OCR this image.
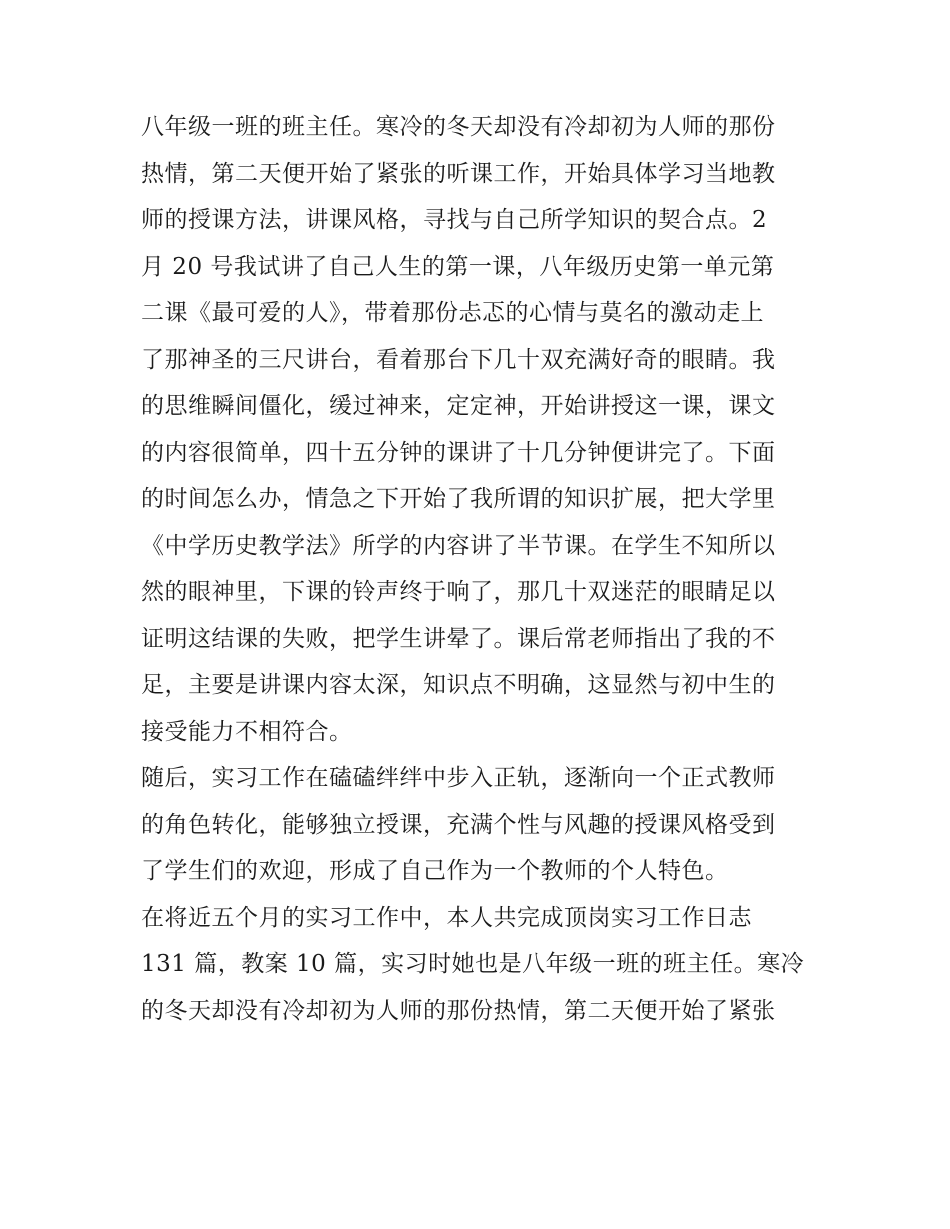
八年级一班的班主任。寒冷的冬天却没有冷却初为人师的那份
热情，第二天便开始了紧张的听课工作，开始具体学习当地教
师的授课方法，讲课风格，寻找与自己所学知识的契合点。2
月 20 号我试讲了自己人生的第一课，八年级历史第一单元第
二课《最可爱的人》，带着那份忐忑的心情与莫名的激动走上
了那神圣的三尺讲台，看着那台下几十双充满好奇的眼睛。我
的思维瞬间僵化，缓过神来，定定神，开始讲授这一课，课文
的内容很简单，四十五分钟的课讲了十几分钟便讲完了。下面
的时间怎么办，情急之下开始了我所谓的知识扩展，把大学里
《中学历史教学法》所学的内容讲了半节课。在学生不知所以
然的眼神里，下课的铃声终于响了，那几十双迷茫的眼睛足以
证明这结课的失败，把学生讲晕了。课后常老师指出了我的不
足，主要是讲课内容太深，知识点不明确，这显然与初中生的
接受能力不相符合。
随后，实习工作在磕磕绊绊中步入正轨，逐渐向一个正式教师
的角色转化，能够独立授课，充满个性与风趣的授课风格受到
了学生们的欢迎，形成了自己作为一个教师的个人特色。
在将近五个月的实习工作中，本人共完成顶岗实习工作日志
131 篇，教案 10 篇，实习时她也是八年级一班的班主任。寒冷
的冬天却没有冷却初为人师的那份热情，第二天便开始了紧张
